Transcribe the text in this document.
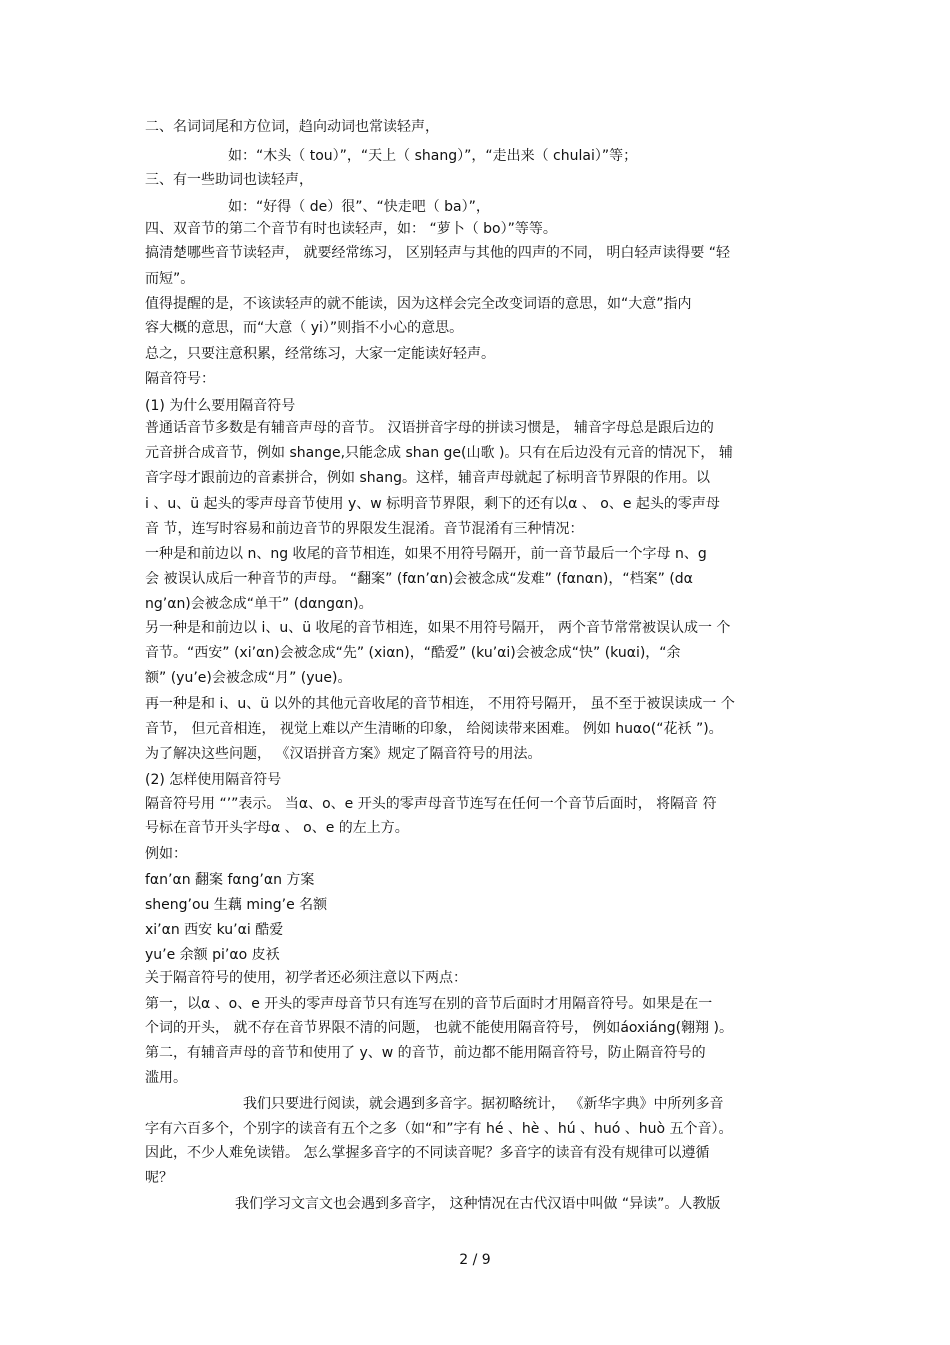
二、名词词尾和方位词，趋向动词也常读轻声，
如：“木头（ tou）”，“天上（ shang）”，“走出来（ chulai）”等；
三、有一些助词也读轻声，
如：“好得（ de）很”、“快走吧（ ba）”，
四、双音节的第二个音节有时也读轻声，如： “萝卜（ bo）”等等。
搞清楚哪些音节读轻声， 就要经常练习， 区别轻声与其他的四声的不同， 明白轻声读得要 “轻
而短”。
值得提醒的是，不该读轻声的就不能读，因为这样会完全改变词语的意思，如“大意”指内
容大概的意思，而“大意（ yi）”则指不小心的意思。
总之，只要注意积累，经常练习，大家一定能读好轻声。
隔音符号：
(1) 为什么要用隔音符号
普通话音节多数是有辅音声母的音节。 汉语拼音字母的拼读习惯是， 辅音字母总是跟后边的
元音拼合成音节，例如 shange,只能念成 shan ge(山歌 )。只有在后边没有元音的情况下， 辅
音字母才跟前边的音素拼合，例如 shang。这样，辅音声母就起了标明音节界限的作用。以
i 、u、ü 起头的零声母音节使用 y、w 标明音节界限，剩下的还有以α 、 o、e 起头的零声母
音 节，连写时容易和前边音节的界限发生混淆。音节混淆有三种情况：
一种是和前边以 n、ng 收尾的音节相连，如果不用符号隔开，前一音节最后一个字母 n、g
会 被误认成后一种音节的声母。 “翻案” (fαn’αn)会被念成“发难” (fαnαn)，“档案” (dα
ng’αn)会被念成“单干” (dαngαn)。
另一种是和前边以 i、u、ü 收尾的音节相连，如果不用符号隔开， 两个音节常常被误认成一 个
音节。“西安” (xi’αn)会被念成“先” (xiαn)，“酷爱” (ku’αi)会被念成“快” (kuαi)，“余
额” (yu’e)会被念成“月” (yue)。
再一种是和 i、u、ü 以外的其他元音收尾的音节相连， 不用符号隔开， 虽不至于被误读成一 个
音节， 但元音相连， 视觉上难以产生清晰的印象， 给阅读带来困难。 例如 huαo(“花袄 ”)。
为了解决这些问题， 《汉语拼音方案》规定了隔音符号的用法。
(2) 怎样使用隔音符号
隔音符号用 “’”表示。 当α、o、e 开头的零声母音节连写在任何一个音节后面时， 将隔音 符
号标在音节开头字母α 、 o、e 的左上方。
例如：
fαn’αn 翻案 fαng’αn 方案
sheng’ou 生藕 ming’e 名额
xi’αn 西安 ku’αi 酷爱
yu’e 余额 pi’αo 皮袄
关于隔音符号的使用，初学者还必须注意以下两点：
第一，以α 、o、e 开头的零声母音节只有连写在别的音节后面时才用隔音符号。如果是在一
个词的开头， 就不存在音节界限不清的问题， 也就不能使用隔音符号， 例如áoxiáng(翱翔 )。
第二，有辅音声母的音节和使用了 y、w 的音节，前边都不能用隔音符号，防止隔音符号的
滥用。
我们只要进行阅读，就会遇到多音字。据初略统计， 《新华字典》中所列多音
字有六百多个，个别字的读音有五个之多（如“和”字有 hé 、hè 、hú 、huó 、huò 五个音）。
因此，不少人难免读错。 怎么掌握多音字的不同读音呢？多音字的读音有没有规律可以遵循
呢？
我们学习文言文也会遇到多音字， 这种情况在古代汉语中叫做 “异读”。人教版
2 / 9
